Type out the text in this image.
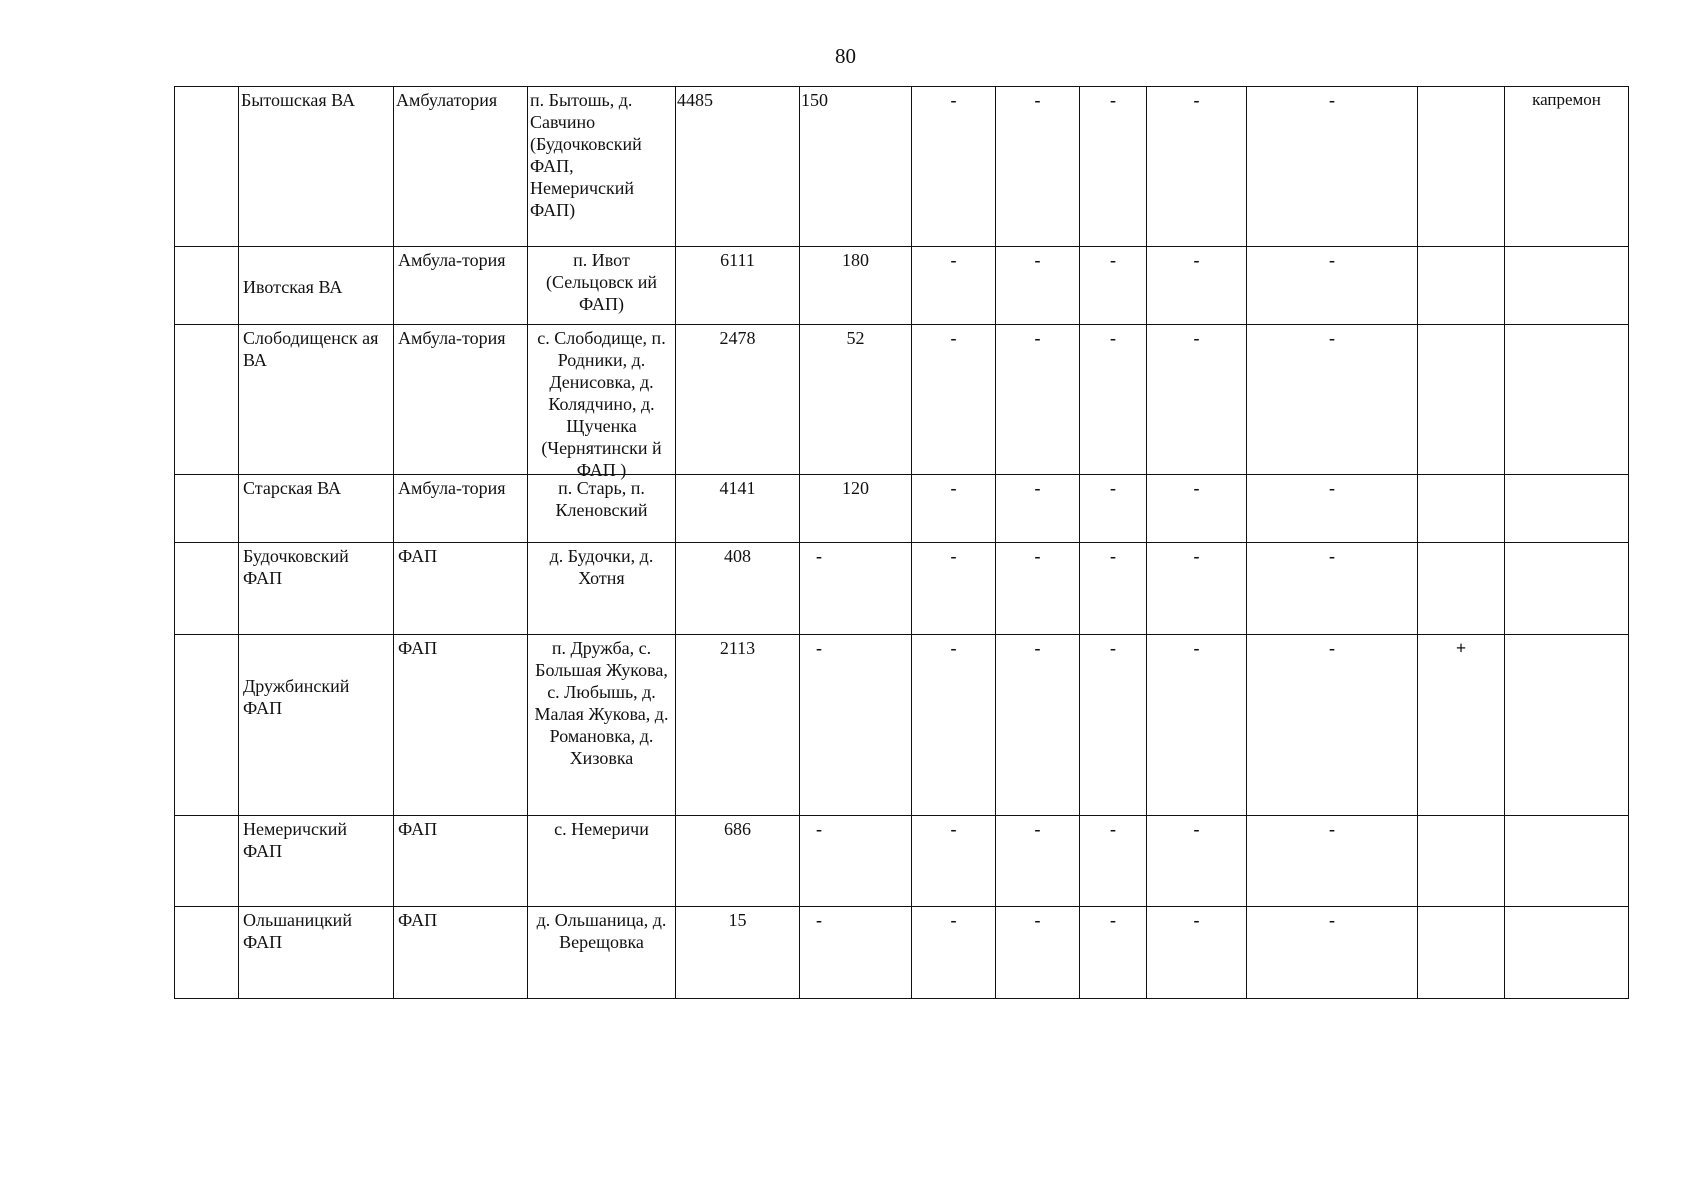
80
	Бытошская ВА	Амбулатория	п. Бытошь, д. Савчино (Будочковский ФАП, Немеричский ФАП)	4485	150	-	-	-	-	-		капремон
	Ивотская ВА	Амбула-тория	п. Ивот (Сельцовск ий ФАП)	6111	180	-	-	-	-	-		
	Слободищенск ая ВА	Амбула-тория	с. Слободище, п. Родники, д. Денисовка, д. Колядчино, д. Щученка (Чернятински й ФАП )	2478	52	-	-	-	-	-		
	Старская ВА	Амбула-тория	п. Старь, п. Кленовский	4141	120	-	-	-	-	-		
	Будочковский ФАП	ФАП	д. Будочки, д. Хотня	408	-	-	-	-	-	-		
	Дружбинский ФАП	ФАП	п. Дружба, с. Большая Жукова, с. Любышь, д. Малая Жукова, д. Романовка, д. Хизовка	2113	-	-	-	-	-	-	+	
	Немеричский ФАП	ФАП	с. Немеричи	686	-	-	-	-	-	-		
	Ольшаницкий ФАП	ФАП	д. Ольшаница, д. Верещовка	15	-	-	-	-	-	-		
